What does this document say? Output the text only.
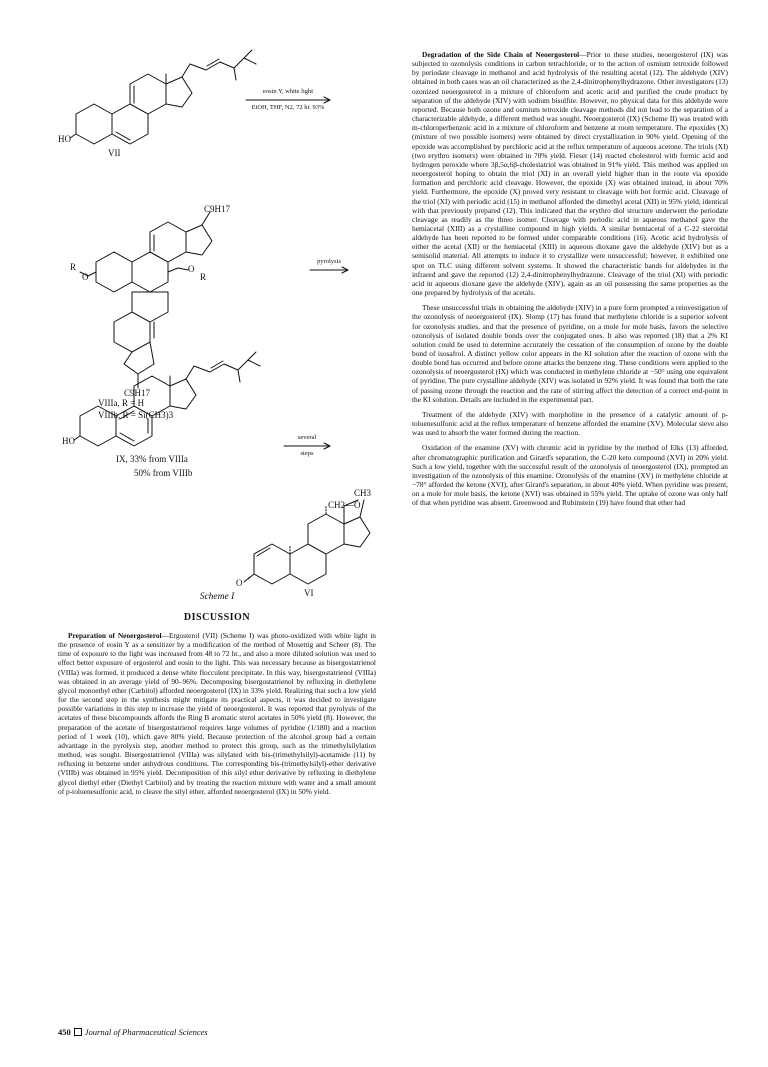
HO
VII
C9H17
R
O
O
R
C9H17
VIIIa, R = H
VIIIb, R = Si(CH3)3
HO
IX, 33% from VIIIa
50% from VIIIb
CH3
CH2—O
O
VI
eosin Y, white light
EtOH, THF, N2, 72 hr. 93%
pyrolysis
several
steps
Scheme I
DISCUSSION

Preparation of Neoergosterol—Ergosterol (VII) (Scheme I) was photo-oxidized with white light in the presence of eosin Y as a sensitizer by a modification of the method of Mosettig and Scheer (8). The time of exposure to the light was increased from 48 to 72 hr., and also a more diluted solution was used to effect better exposure of ergosterol and eosin to the light. This was necessary because as bisergostatrienol (VIIIa) was formed, it produced a dense white flocculent precipitate. In this way, bisergostatrienol (VIIIa) was obtained in an average yield of 90–96%. Decomposing bisergostatrienol by refluxing in diethylene glycol monoethyl ether (Carbitol) afforded neoergosterol (IX) in 33% yield. Realizing that such a low yield for the second step in the synthesis might mitigate its practical aspects, it was decided to investigate possible variations in this step to increase the yield of neoergosterol. It was reported that pyrolysis of the acetates of these biscompounds affords the Ring B aromatic sterol acetates in 50% yield (8). However, the preparation of the acetate of bisergostatrienol requires large volumes of pyridine (1/180) and a reaction period of 1 week (10), which gave 80% yield. Because protection of the alcohol group had a certain advantage in the pyrolysis step, another method to protect this group, such as the trimethylsilylation method, was sought. Bisergostatrienol (VIIIa) was silylated with bis-(trimethylsilyl)-acetamide (11) by refluxing in benzene under anhydrous conditions. The corresponding bis-(trimethylsilyl)-ether derivative (VIIIb) was obtained in 95% yield. Decomposition of this silyl ether derivative by refluxing in diethylene glycol diethyl ether (Diethyl Carbitol) and by treating the reaction mixture with water and a small amount of p-toluenesulfonic acid, to cleave the silyl ether, afforded neoergosterol (IX) in 50% yield.

Degradation of the Side Chain of Neoergosterol—Prior to these studies, neoergosterol (IX) was subjected to ozonolysis conditions in carbon tetrachloride, or to the action of osmium tetroxide followed by periodate cleavage in methanol and acid hydrolysis of the resulting acetal (12). The aldehyde (XIV) obtained in both cases was an oil characterized as the 2,4-dinitrophenylhydrazone. Other investigators (13) ozonized neoergosterol in a mixture of chloroform and acetic acid and purified the crude product by separation of the aldehyde (XIV) with sodium bisulfite. However, no physical data for this aldehyde were reported. Because both ozone and osmium tetroxide cleavage methods did not lead to the separation of a characterizable aldehyde, a different method was sought. Neoergosterol (IX) (Scheme II) was treated with m-chloroperbenzoic acid in a mixture of chloroform and benzene at room temperature. The epoxides (X) (mixture of two possible isomers) were obtained by direct crystallization in 90% yield. Opening of the epoxide was accomplished by perchloric acid at the reflux temperature of aqueous acetone. The triols (XI) (two erythro isomers) were obtained in 70% yield. Fieser (14) reacted cholesterol with formic acid and hydrogen peroxide where 3β,5α,6β-cholestatriol was obtained in 91% yield. This method was applied on neoergosterol hoping to obtain the triol (XI) in an overall yield higher than in the route via epoxide formation and perchloric acid cleavage. However, the epoxide (X) was obtained instead, in about 70% yield. Furthermore, the epoxide (X) proved very resistant to cleavage with hot formic acid. Cleavage of the triol (XI) with periodic acid (15) in methanol afforded the dimethyl acetal (XII) in 95% yield, identical with that previously prepared (12). This indicated that the erythro diol structure underwent the periodate cleavage as readily as the threo isomer. Cleavage with periodic acid in aqueous methanol gave the hemiacetal (XIII) as a crystalline compound in high yields. A similar hemiacetal of a C-22 steroidal aldehyde has been reported to be formed under comparable conditions (16). Acetic acid hydrolysis of either the acetal (XII) or the hemiacetal (XIII) in aqueous dioxane gave the aldehyde (XIV) but as a semisolid material. All attempts to induce it to crystallize were unsuccessful; however, it exhibited one spot on TLC using different solvent systems. It showed the characteristic bands for aldehydes in the infrared and gave the reported (12) 2,4-dinitrophenylhydrazone. Cleavage of the triol (XI) with periodic acid in aqueous dioxane gave the aldehyde (XIV), again as an oil possessing the same properties as the one prepared by hydrolysis of the acetals.

These unsuccessful trials in obtaining the aldehyde (XIV) in a pure form prompted a reinvestigation of the ozonolysis of neoergosterol (IX). Slomp (17) has found that methylene chloride is a superior solvent for ozonolysis studies, and that the presence of pyridine, on a mole for mole basis, favors the selective ozonolysis of isolated double bonds over the conjugated ones. It also was reported (18) that a 2% KI solution could be used to determine accurately the cessation of the consumption of ozone by the double bond of isosafrol. A distinct yellow color appears in the KI solution after the reaction of ozone with the double bond has occurred and before ozone attacks the benzene ring. These conditions were applied to the ozonolysis of neoergosterol (IX) which was conducted in methylene chloride at −50° using one equivalent of pyridine. The pure crystalline aldehyde (XIV) was isolated in 92% yield. It was found that both the rate of passing ozone through the reaction and the rate of stirring affect the detection of a correct end-point in the KI solution. Details are included in the experimental part.

Treatment of the aldehyde (XIV) with morpholine in the presence of a catalytic amount of p-toluenesulfonic acid at the reflux temperature of benzene afforded the enamine (XV). Molecular sieve also was used to absorb the water formed during the reaction.

Oxidation of the enamine (XV) with chromic acid in pyridine by the method of Elks (13) afforded, after chromatographic purification and Girard's separation, the C-20 keto compound (XVI) in 20% yield. Such a low yield, together with the successful result of the ozonolysis of neoergosterol (IX), prompted an investigation of the ozonolysis of this enamine. Ozonolysis of the enamine (XV) in methylene chloride at −78° afforded the ketone (XVI), after Girard's separation, in about 40% yield. When pyridine was present, on a mole for mole basis, the ketone (XVI) was obtained in 55% yield. The uptake of ozone was only half of that when pyridine was absent. Greenwood and Rubinstein (19) have found that ether had

450 Journal of Pharmaceutical Sciences
